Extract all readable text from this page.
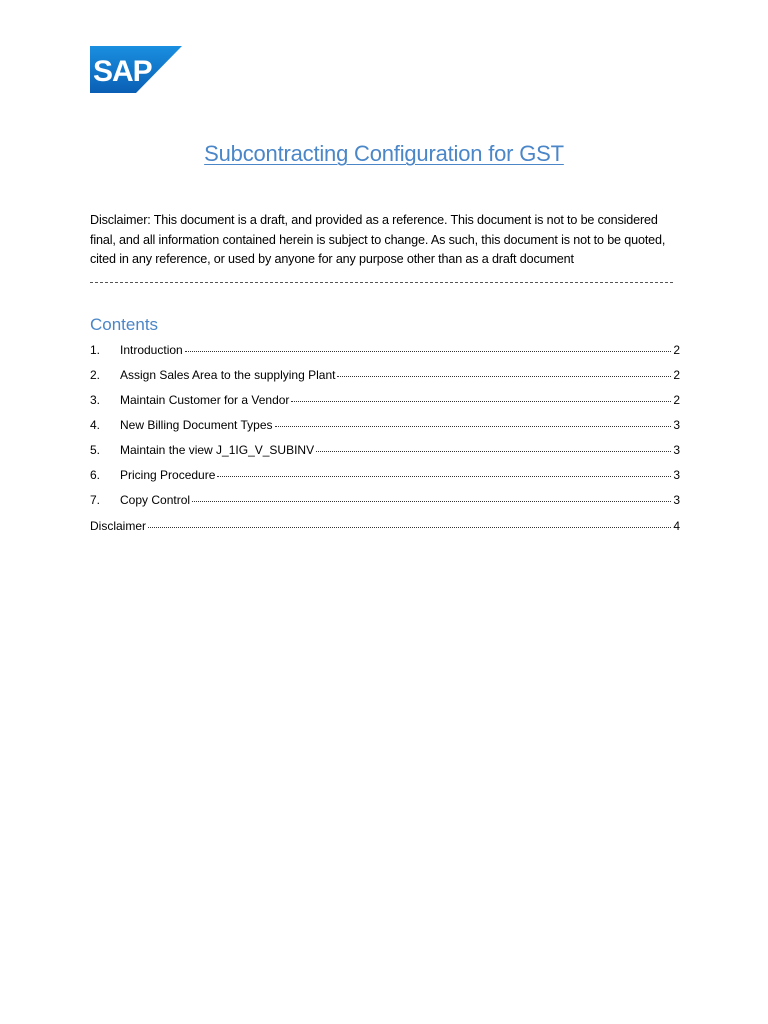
SAP
®
Subcontracting Configuration for GST
Disclaimer: This document is a draft, and provided as a reference. This document is not to be considered final, and all information contained herein is subject to change. As such, this document is not to be quoted, cited in any reference, or used by anyone for any purpose other than as a draft document
Contents
1.	Introduction	2
2.	Assign Sales Area to the supplying Plant	2
3.	Maintain Customer for a Vendor	2
4.	New Billing Document Types	3
5.	Maintain the view J_1IG_V_SUBINV	3
6.	Pricing Procedure	3
7.	Copy Control	3
Disclaimer	4
